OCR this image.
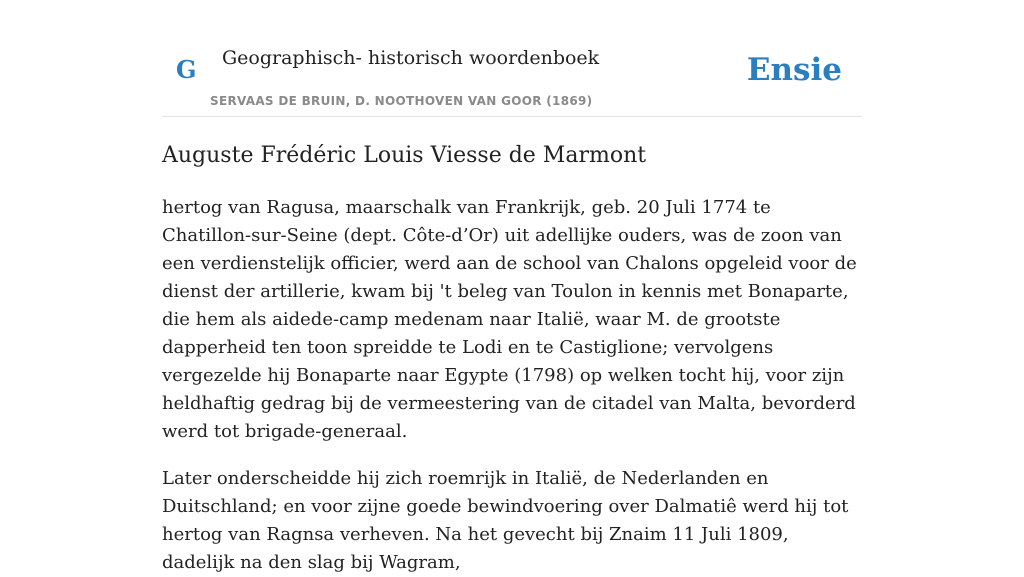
G Geographisch- historisch woordenboek
SERVAAS DE BRUIN, D. NOOTHOVEN VAN GOOR (1869)
Ensie
Auguste Frédéric Louis Viesse de Marmont

hertog van Ragusa, maarschalk van Frankrijk, geb. 20 Juli 1774 te Chatillon-sur-Seine (dept. Côte-d’Or) uit adellijke ouders, was de zoon van een verdienstelijk officier, werd aan de school van Chalons opgeleid voor de dienst der artillerie, kwam bij 't beleg van Toulon in kennis met Bonaparte, die hem als aidede-camp medenam naar Italië, waar M. de grootste dapperheid ten toon spreidde te Lodi en te Castiglione; vervolgens vergezelde hij Bonaparte naar Egypte (1798) op welken tocht hij, voor zijn heldhaftig gedrag bij de vermeestering van de citadel van Malta, bevorderd werd tot brigade-generaal.

Later onderscheidde hij zich roemrijk in Italië, de Nederlanden en Duitschland; en voor zijne goede bewindvoering over Dalmatiê werd hij tot hertog van Ragnsa verheven. Na het gevecht bij Znaim 11 Juli 1809, dadelijk na den slag bij Wagram,
